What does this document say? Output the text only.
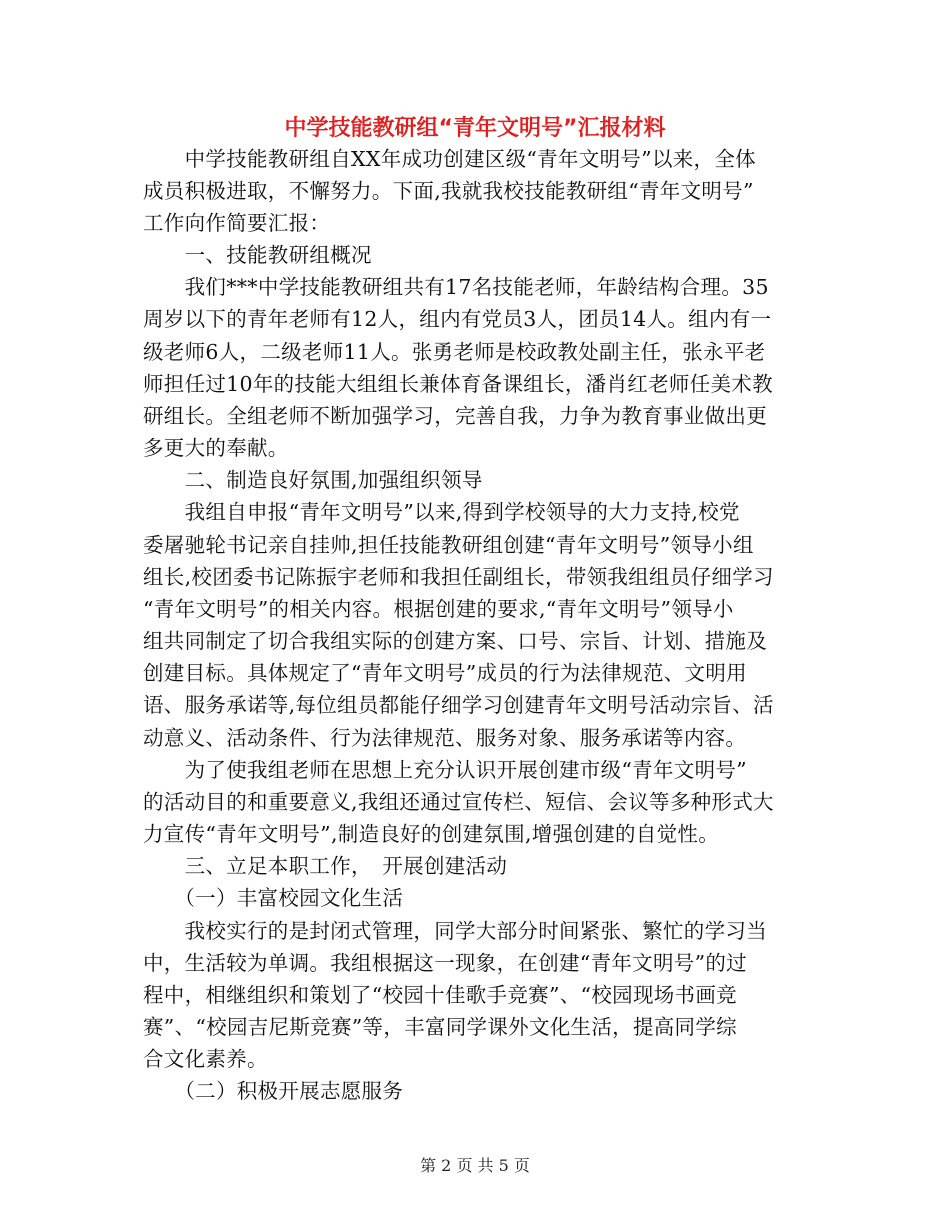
中学技能教研组“青年文明号”汇报材料
　　中学技能教研组自XX年成功创建区级“青年文明号”以来，全体
成员积极进取，不懈努力。下面,我就我校技能教研组“青年文明号”
工作向作简要汇报：
　　一、技能教研组概况
　　我们***中学技能教研组共有17名技能老师，年龄结构合理。35
周岁以下的青年老师有12人，组内有党员3人，团员14人。组内有一
级老师6人，二级老师11人。张勇老师是校政教处副主任，张永平老
师担任过10年的技能大组组长兼体育备课组长，潘肖红老师任美术教
研组长。全组老师不断加强学习，完善自我，力争为教育事业做出更
多更大的奉献。
　　二、制造良好氛围,加强组织领导
　　我组自申报“青年文明号”以来,得到学校领导的大力支持,校党
委屠驰轮书记亲自挂帅,担任技能教研组创建“青年文明号”领导小组
组长,校团委书记陈振宇老师和我担任副组长，带领我组组员仔细学习
“青年文明号”的相关内容。根据创建的要求,“青年文明号”领导小
组共同制定了切合我组实际的创建方案、口号、宗旨、计划、措施及
创建目标。具体规定了“青年文明号”成员的行为法律规范、文明用
语、服务承诺等,每位组员都能仔细学习创建青年文明号活动宗旨、活
动意义、活动条件、行为法律规范、服务对象、服务承诺等内容。
　　为了使我组老师在思想上充分认识开展创建市级“青年文明号”
的活动目的和重要意义,我组还通过宣传栏、短信、会议等多种形式大
力宣传“青年文明号”,制造良好的创建氛围,增强创建的自觉性。
　　三、立足本职工作，　开展创建活动
　　（一）丰富校园文化生活
　　我校实行的是封闭式管理，同学大部分时间紧张、繁忙的学习当
中，生活较为单调。我组根据这一现象，在创建“青年文明号”的过
程中，相继组织和策划了“校园十佳歌手竞赛”、“校园现场书画竞
赛”、“校园吉尼斯竞赛”等，丰富同学课外文化生活，提高同学综
合文化素养。
　　（二）积极开展志愿服务
第 2 页 共 5 页
